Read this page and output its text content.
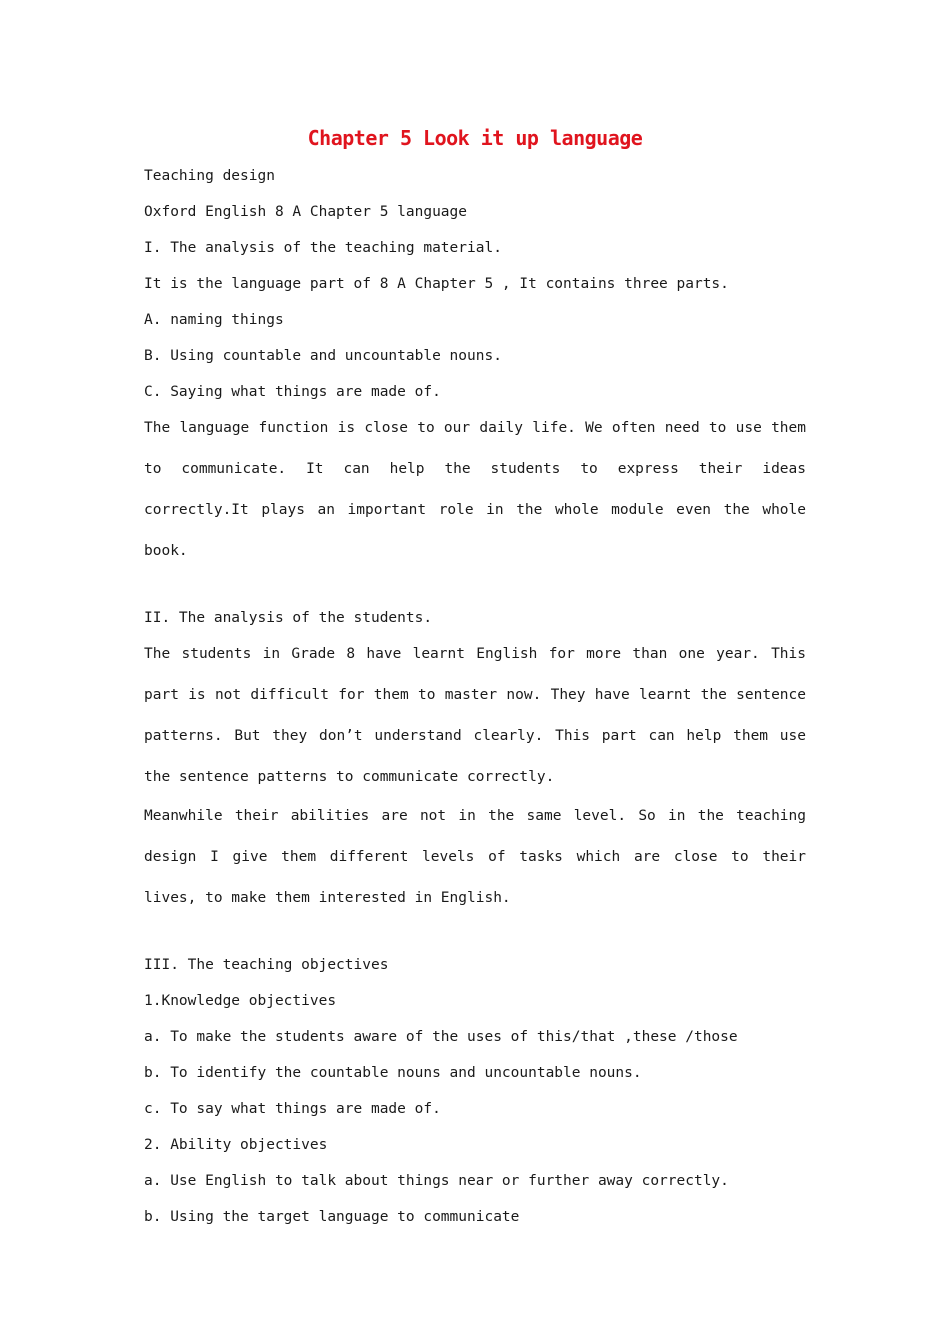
Chapter 5 Look it up language
Teaching design
Oxford English 8 A Chapter 5 language
I. The analysis of the teaching material.
It is the language part of 8 A Chapter 5 , It contains three parts.
A. naming things
B. Using countable and uncountable nouns.
C. Saying what things are made of.
The language function is close to our daily life. We often need to use them to communicate. It can help the students to express their ideas correctly.It plays an important role in the whole module even the whole book.
II. The analysis of the students.
The students in Grade 8 have learnt English for more than one year. This part is not difficult for them to master now. They have learnt the sentence patterns. But they don’t understand clearly. This part can help them use the sentence patterns to communicate correctly.
Meanwhile their abilities are not in the same level. So in the teaching design I give them different levels of tasks which are close to their lives, to make them interested in English.
III. The teaching objectives
1.Knowledge objectives
a. To make the students aware of the uses of this/that ,these /those
b. To identify the countable nouns and uncountable nouns.
c. To say what things are made of.
2. Ability objectives
a. Use English to talk about things near or further away correctly.
b. Using the target language to communicate
